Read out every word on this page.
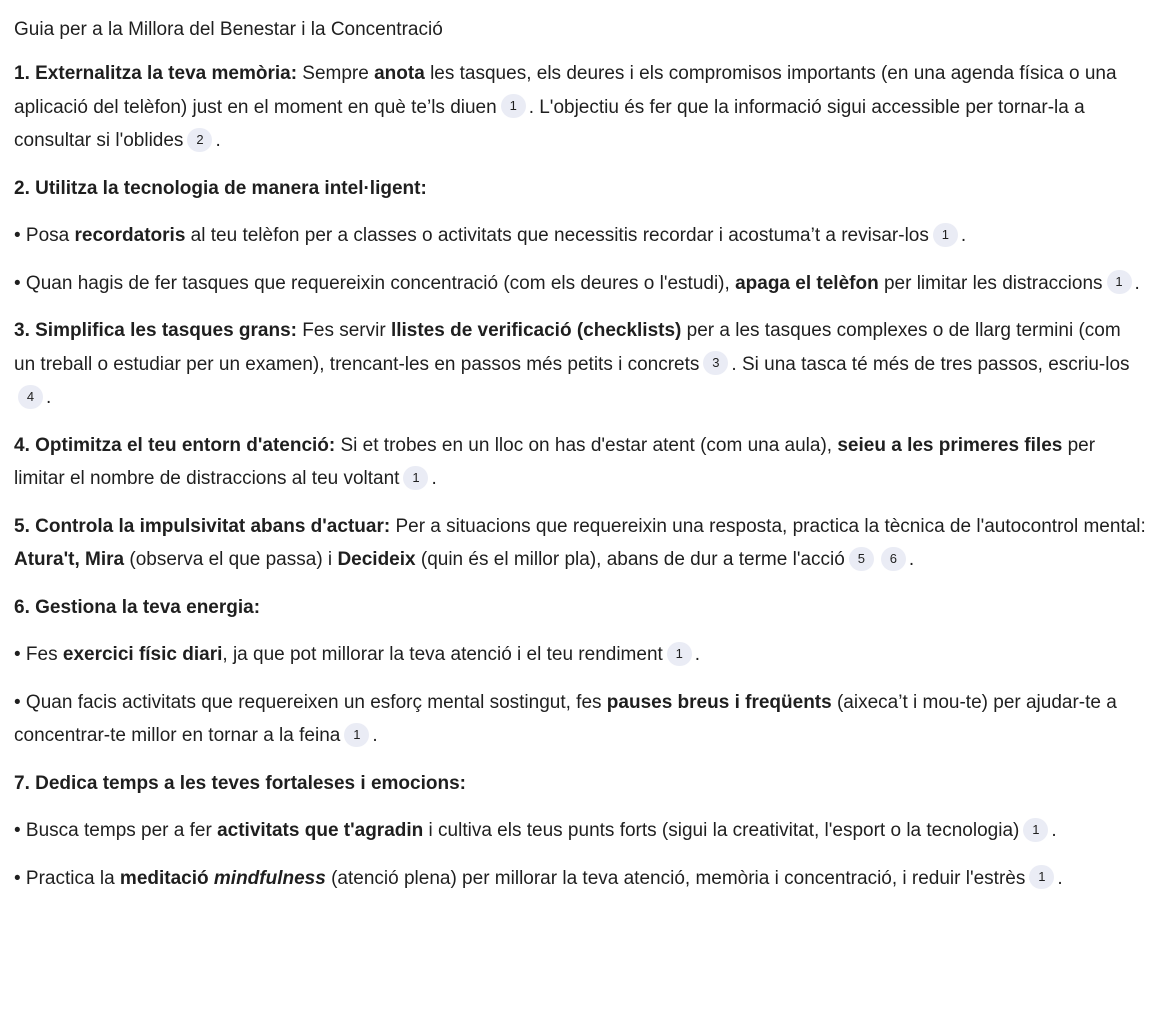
Guia per a la Millora del Benestar i la Concentració
1. Externalitza la teva memòria: Sempre anota les tasques, els deures i els compromisos importants (en una agenda física o una aplicació del telèfon) just en el moment en què te’ls diuen 1 . L'objectiu és fer que la informació sigui accessible per tornar-la a consultar si l'oblides 2 .
2. Utilitza la tecnologia de manera intel·ligent:
• Posa recordatoris al teu telèfon per a classes o activitats que necessitis recordar i acostuma’t a revisar-los 1 .
• Quan hagis de fer tasques que requereixin concentració (com els deures o l'estudi), apaga el telèfon per limitar les distraccions 1 .
3. Simplifica les tasques grans: Fes servir llistes de verificació (checklists) per a les tasques complexes o de llarg termini (com un treball o estudiar per un examen), trencant-les en passos més petits i concrets 3 . Si una tasca té més de tres passos, escriu-los4 .
4. Optimitza el teu entorn d'atenció: Si et trobes en un lloc on has d'estar atent (com una aula), seieu a les primeres files per limitar el nombre de distraccions al teu voltant 1 .
5. Controla la impulsivitat abans d'actuar: Per a situacions que requereixin una resposta, practica la tècnica de l'autocontrol mental: Atura't, Mira (observa el que passa) i Decideix (quin és el millor pla), abans de dur a terme l'acció 5 6 .
6. Gestiona la teva energia:
• Fes exercici físic diari, ja que pot millorar la teva atenció i el teu rendiment 1 .
• Quan facis activitats que requereixen un esforç mental sostingut, fes pauses breus i freqüents (aixeca’t i mou-te) per ajudar-te a concentrar-te millor en tornar a la feina 1 .
7. Dedica temps a les teves fortaleses i emocions:
• Busca temps per a fer activitats que t'agradin i cultiva els teus punts forts (sigui la creativitat, l'esport o la tecnologia) 1 .
• Practica la meditació mindfulness (atenció plena) per millorar la teva atenció, memòria i concentració, i reduir l'estrès 1 .
